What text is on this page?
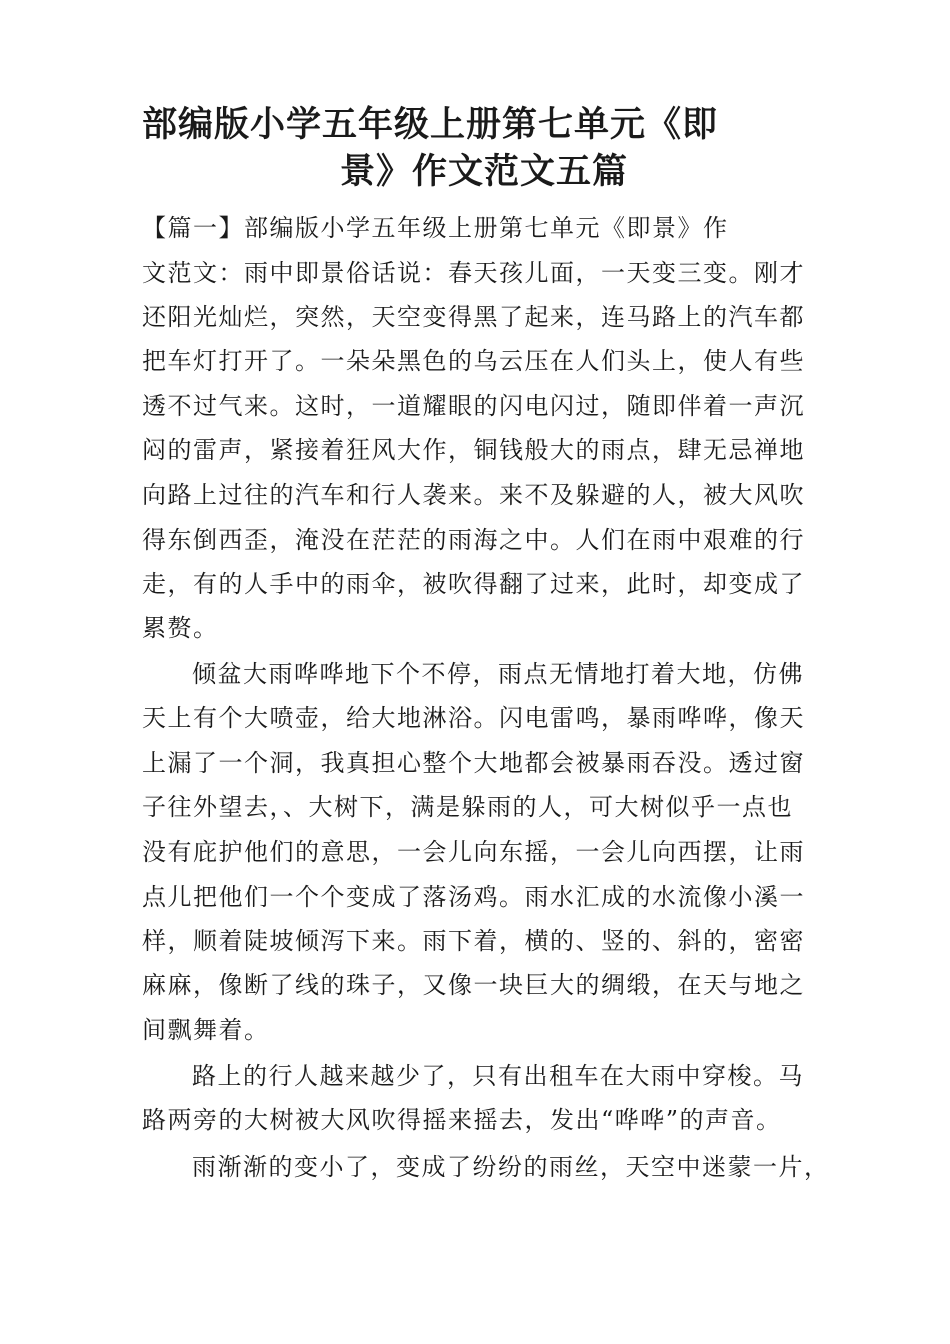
部编版小学五年级上册第七单元《即
景》作文范文五篇
【篇一】部编版小学五年级上册第七单元《即景》作
文范文：雨中即景俗话说：春天孩儿面，一天变三变。刚才
还阳光灿烂，突然，天空变得黑了起来，连马路上的汽车都
把车灯打开了。一朵朵黑色的乌云压在人们头上，使人有些
透不过气来。这时，一道耀眼的闪电闪过，随即伴着一声沉
闷的雷声，紧接着狂风大作，铜钱般大的雨点，肆无忌禅地
向路上过往的汽车和行人袭来。来不及躲避的人，被大风吹
得东倒西歪，淹没在茫茫的雨海之中。人们在雨中艰难的行
走，有的人手中的雨伞，被吹得翻了过来，此时，却变成了
累赘。
倾盆大雨哗哗地下个不停，雨点无情地打着大地，仿佛
天上有个大喷壶，给大地淋浴。闪电雷鸣，暴雨哗哗，像天
上漏了一个洞，我真担心整个大地都会被暴雨吞没。透过窗
子往外望去，、大树下，满是躲雨的人，可大树似乎一点也
没有庇护他们的意思，一会儿向东摇，一会儿向西摆，让雨
点儿把他们一个个变成了落汤鸡。雨水汇成的水流像小溪一
样，顺着陡坡倾泻下来。雨下着，横的、竖的、斜的，密密
麻麻，像断了线的珠子，又像一块巨大的绸缎，在天与地之
间飘舞着。
路上的行人越来越少了，只有出租车在大雨中穿梭。马
路两旁的大树被大风吹得摇来摇去，发出“哗哗”的声音。
雨渐渐的变小了，变成了纷纷的雨丝，天空中迷蒙一片，
